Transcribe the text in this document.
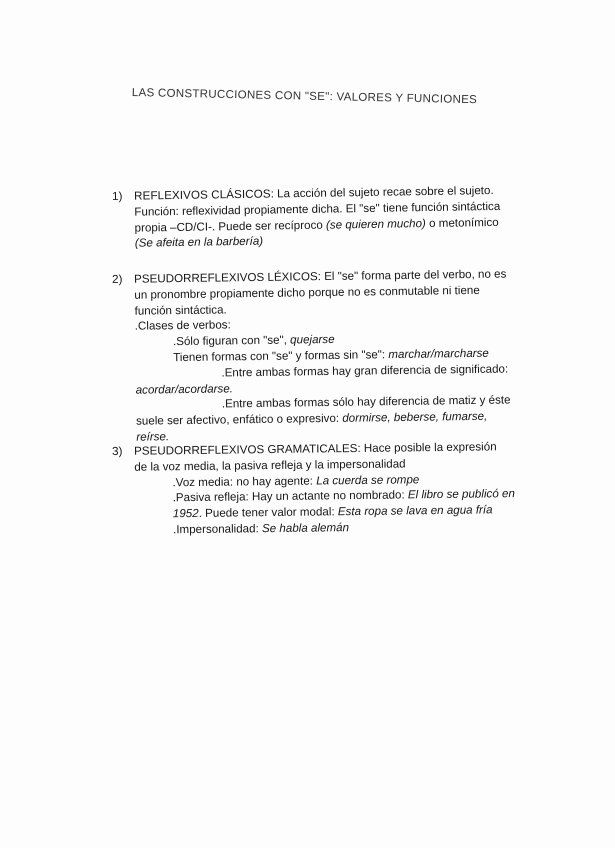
LAS CONSTRUCCIONES CON "SE": VALORES Y FUNCIONES
1) REFLEXIVOS CLÁSICOS: La acción del sujeto recae sobre el sujeto.
Función: reflexividad propiamente dicha. El "se" tiene función sintáctica
propia –CD/CI-. Puede ser recíproco (se quieren mucho) o metonímico
(Se afeita en la barbería)
2) PSEUDORREFLEXIVOS LÉXICOS: El "se" forma parte del verbo, no es
un pronombre propiamente dicho porque no es conmutable ni tiene
función sintáctica.
.Clases de verbos:
.Sólo figuran con "se", quejarse
Tienen formas con "se" y formas sin "se": marchar/marcharse
.Entre ambas formas hay gran diferencia de significado:
acordar/acordarse.
.Entre ambas formas sólo hay diferencia de matiz y éste
suele ser afectivo, enfático o expresivo: dormirse, beberse, fumarse,
reírse.
3) PSEUDORREFLEXIVOS GRAMATICALES: Hace posible la expresión
de la voz media, la pasiva refleja y la impersonalidad
.Voz media: no hay agente: La cuerda se rompe
.Pasiva refleja: Hay un actante no nombrado: El libro se publicó en
1952. Puede tener valor modal: Esta ropa se lava en agua fría
.Impersonalidad: Se habla alemán
